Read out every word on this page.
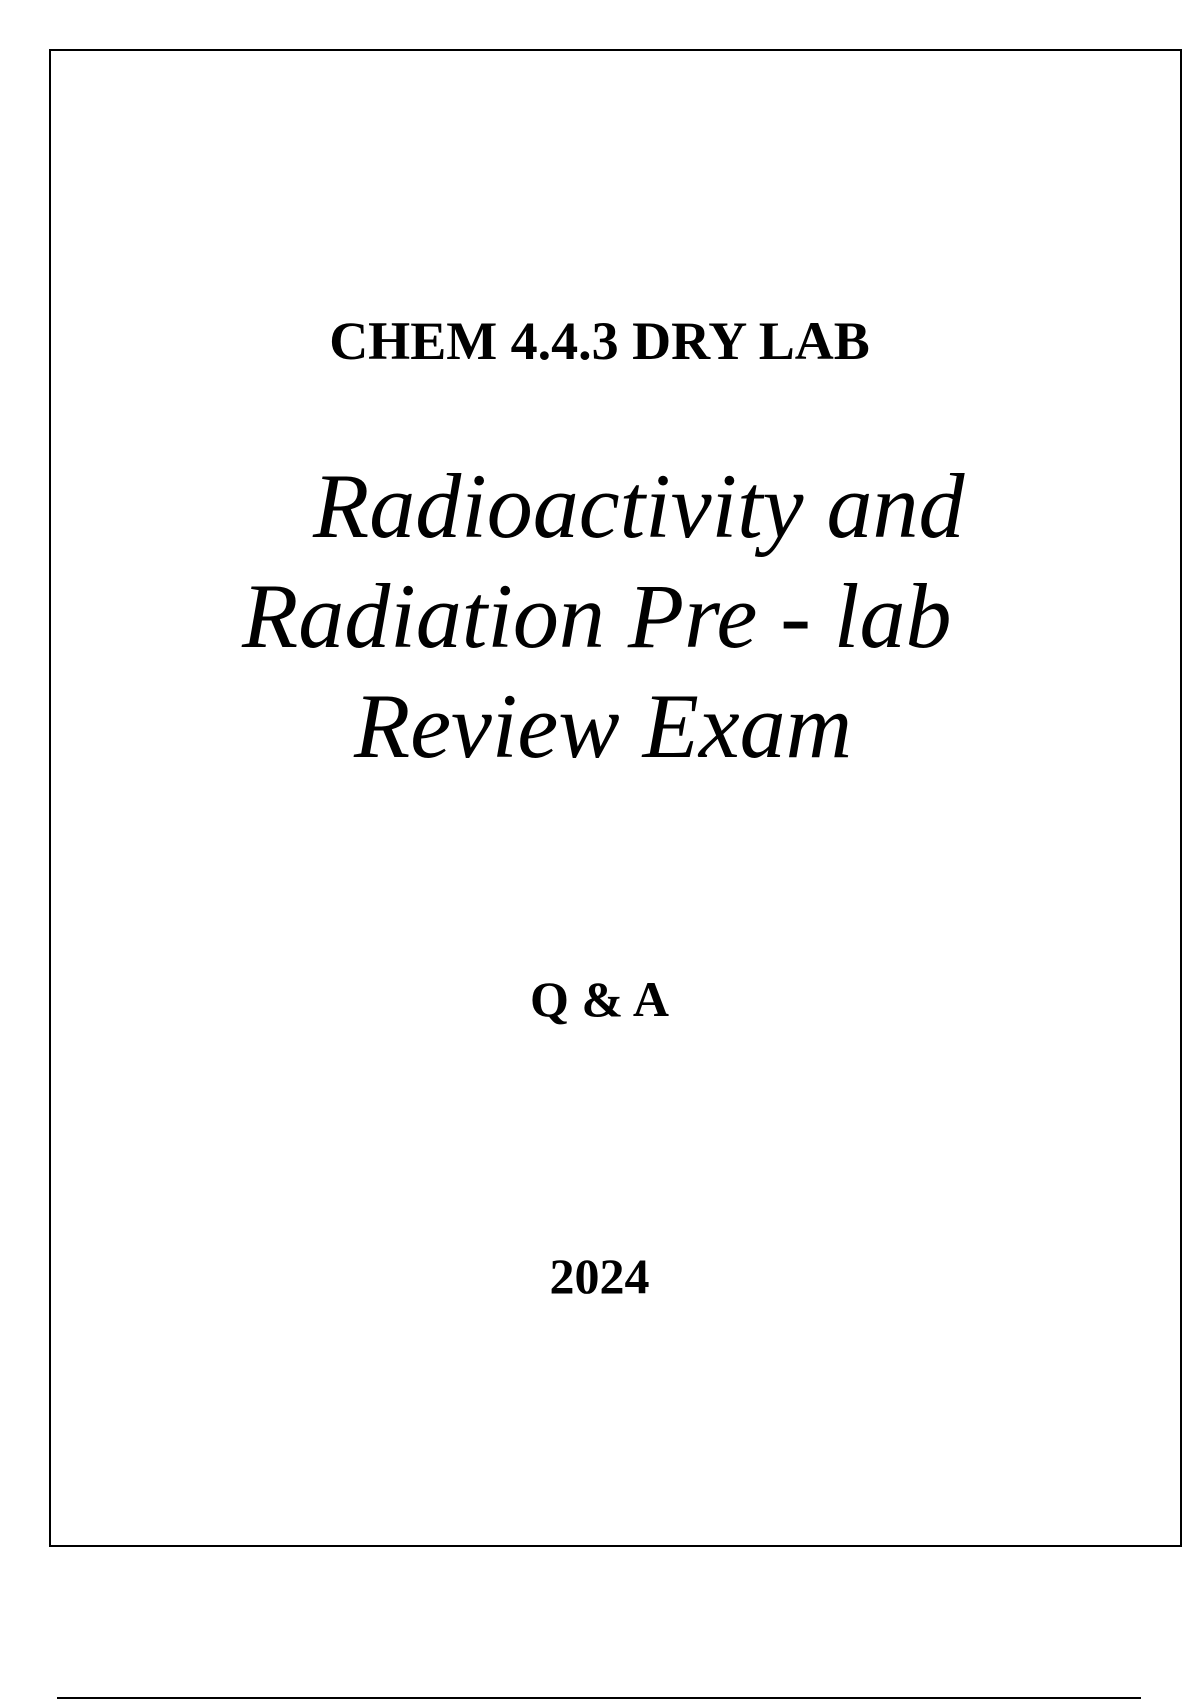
CHEM 4.4.3 DRY LAB
Radioactivity and
Radiation Pre - lab
Review Exam
Q & A
2024
